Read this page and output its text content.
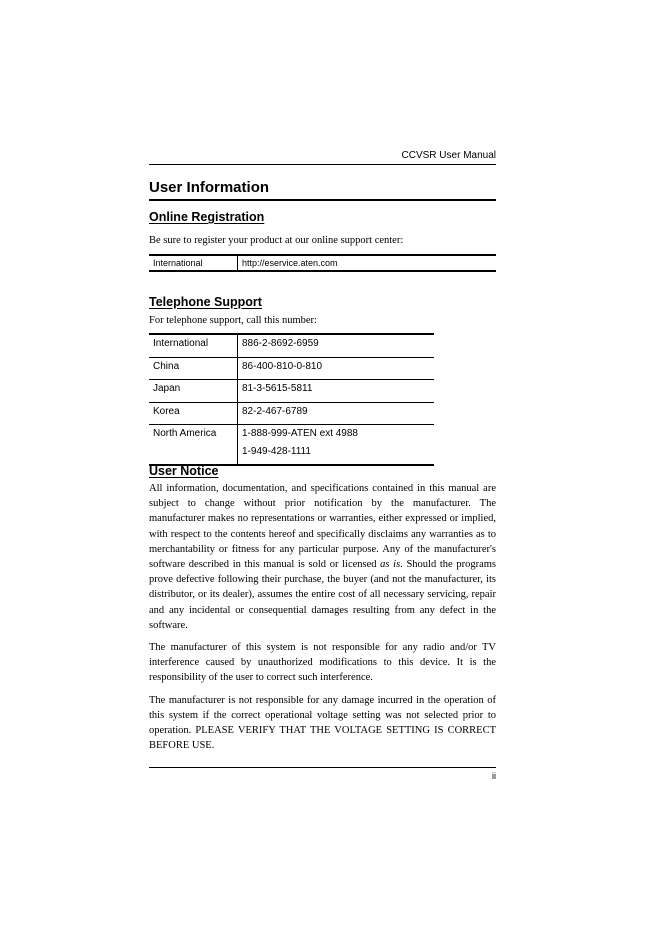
CCVSR User Manual
User Information
Online Registration
Be sure to register your product at our online support center:
International	http://eservice.aten.com
Telephone Support
For telephone support, call this number:
International	886-2-8692-6959
China	86-400-810-0-810
Japan	81-3-5615-5811
Korea	82-2-467-6789
North America	1-888-999-ATEN ext 4988
1-949-428-1111
User Notice

All information, documentation, and specifications contained in this manual are subject to change without prior notification by the manufacturer. The manufacturer makes no representations or warranties, either expressed or implied, with respect to the contents hereof and specifically disclaims any warranties as to merchantability or fitness for any particular purpose. Any of the manufacturer's software described in this manual is sold or licensed as is. Should the programs prove defective following their purchase, the buyer (and not the manufacturer, its distributor, or its dealer), assumes the entire cost of all necessary servicing, repair and any incidental or consequential damages resulting from any defect in the software.

The manufacturer of this system is not responsible for any radio and/or TV interference caused by unauthorized modifications to this device. It is the responsibility of the user to correct such interference.

The manufacturer is not responsible for any damage incurred in the operation of this system if the correct operational voltage setting was not selected prior to operation. PLEASE VERIFY THAT THE VOLTAGE SETTING IS CORRECT BEFORE USE.

ii
